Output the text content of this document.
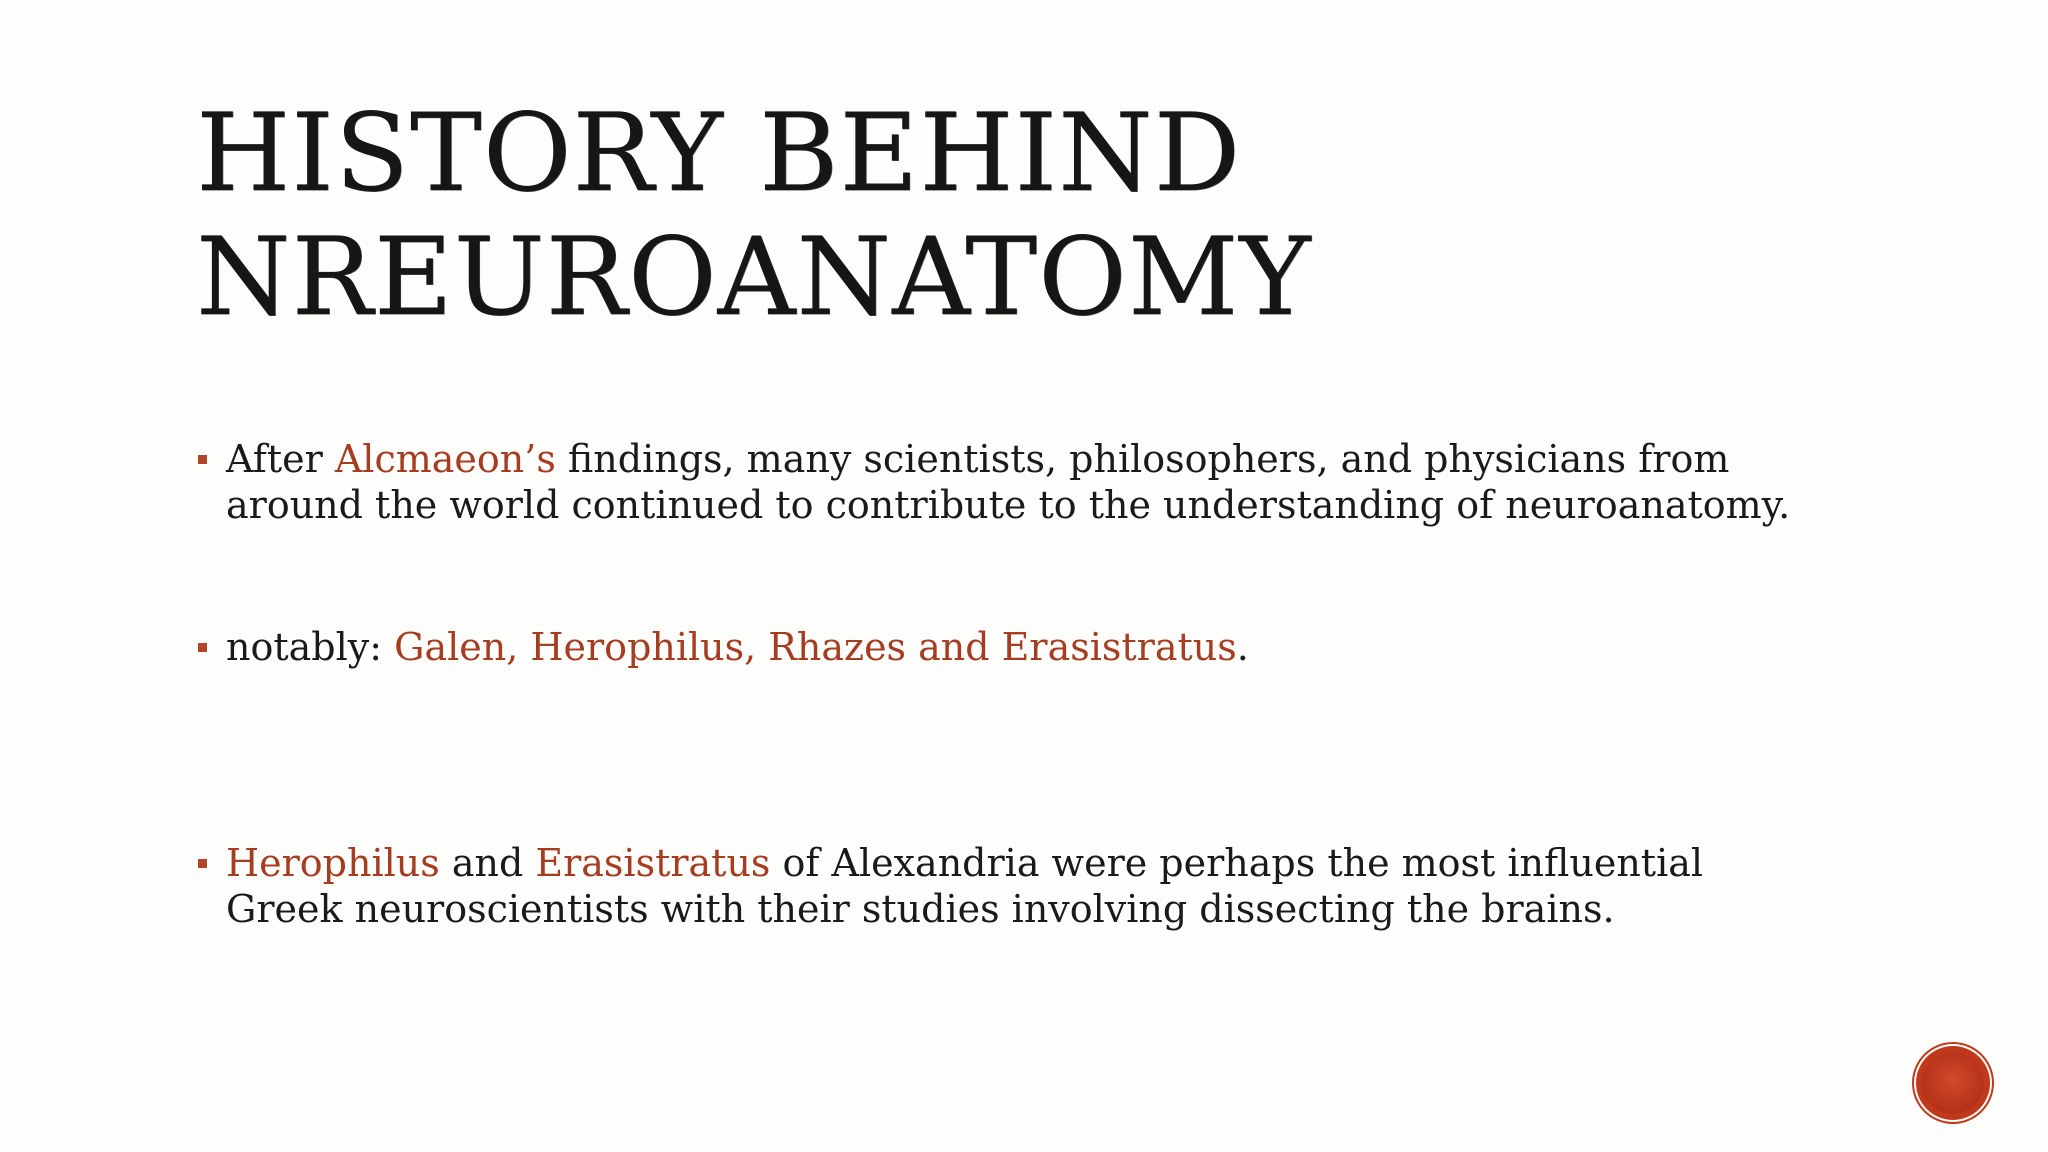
HISTORY BEHIND
NREUROANATOMY
After Alcmaeon’s findings, many scientists, philosophers, and physicians from
around the world continued to contribute to the understanding of neuroanatomy.
notably: Galen, Herophilus, Rhazes and Erasistratus.
Herophilus and Erasistratus of Alexandria were perhaps the most influential
Greek neuroscientists with their studies involving dissecting the brains.
